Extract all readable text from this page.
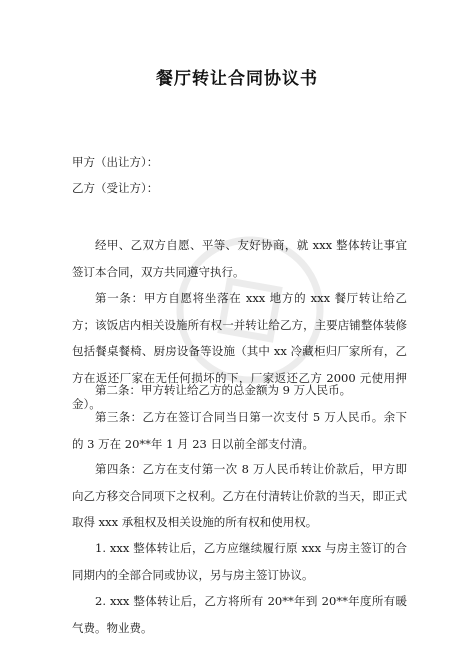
餐厅转让合同协议书
甲方（出让方）：
乙方（受让方）：

经甲、乙双方自愿、平等、友好协商，就 xxx 整体转让事宜签订本合同，双方共同遵守执行。

第一条：甲方自愿将坐落在 xxx 地方的 xxx 餐厅转让给乙方；该饭店内相关设施所有权一并转让给乙方，主要店铺整体装修包括餐桌餐椅、厨房设备等设施（其中 xx 冷藏柜归厂家所有，乙方在返还厂家在无任何损坏的下，厂家返还乙方 2000 元使用押金）。

第二条：甲方转让给乙方的总金额为 9 万人民币。

第三条：乙方在签订合同当日第一次支付 5 万人民币。余下的 3 万在 20**年 1 月 23 日以前全部支付清。

第四条：乙方在支付第一次 8 万人民币转让价款后，甲方即向乙方移交合同项下之权利。乙方在付清转让价款的当天，即正式取得 xxx 承租权及相关设施的所有权和使用权。

1. xxx 整体转让后，乙方应继续履行原 xxx 与房主签订的合同期内的全部合同或协议，另与房主签订协议。

2. xxx 整体转让后，乙方将所有 20**年到 20**年度所有暖气费。物业费。
